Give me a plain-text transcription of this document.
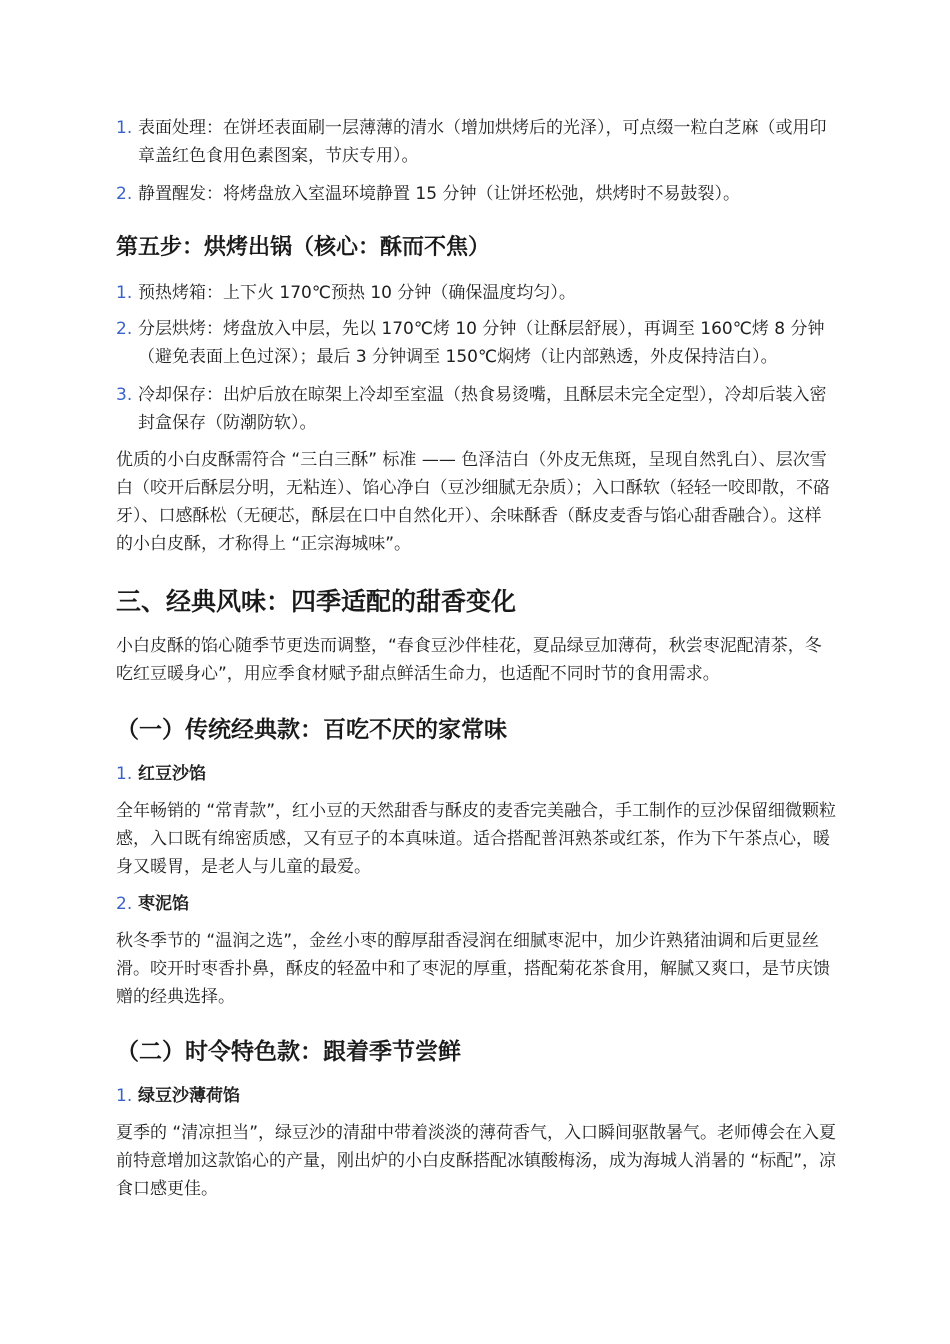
1. 表面处理：在饼坯表面刷一层薄薄的清水（增加烘烤后的光泽），可点缀一粒白芝麻（或用印章盖红色食用色素图案，节庆专用）。
2. 静置醒发：将烤盘放入室温环境静置 15 分钟（让饼坯松弛，烘烤时不易鼓裂）。
第五步：烘烤出锅（核心：酥而不焦）
1. 预热烤箱：上下火 170℃预热 10 分钟（确保温度均匀）。
2. 分层烘烤：烤盘放入中层，先以 170℃烤 10 分钟（让酥层舒展），再调至 160℃烤 8 分钟（避免表面上色过深）；最后 3 分钟调至 150℃焖烤（让内部熟透，外皮保持洁白）。
3. 冷却保存：出炉后放在晾架上冷却至室温（热食易烫嘴，且酥层未完全定型），冷却后装入密封盒保存（防潮防软）。
优质的小白皮酥需符合 “三白三酥” 标准 —— 色泽洁白（外皮无焦斑，呈现自然乳白）、层次雪白（咬开后酥层分明，无粘连）、馅心净白（豆沙细腻无杂质）；入口酥软（轻轻一咬即散，不硌牙）、口感酥松（无硬芯，酥层在口中自然化开）、余味酥香（酥皮麦香与馅心甜香融合）。这样的小白皮酥，才称得上 “正宗海城味”。
三、经典风味：四季适配的甜香变化
小白皮酥的馅心随季节更迭而调整，“春食豆沙伴桂花，夏品绿豆加薄荷，秋尝枣泥配清茶，冬吃红豆暖身心”，用应季食材赋予甜点鲜活生命力，也适配不同时节的食用需求。
（一）传统经典款：百吃不厌的家常味
1. 红豆沙馅
全年畅销的 “常青款”，红小豆的天然甜香与酥皮的麦香完美融合，手工制作的豆沙保留细微颗粒感，入口既有绵密质感，又有豆子的本真味道。适合搭配普洱熟茶或红茶，作为下午茶点心，暖身又暖胃，是老人与儿童的最爱。
2. 枣泥馅
秋冬季节的 “温润之选”，金丝小枣的醇厚甜香浸润在细腻枣泥中，加少许熟猪油调和后更显丝滑。咬开时枣香扑鼻，酥皮的轻盈中和了枣泥的厚重，搭配菊花茶食用，解腻又爽口，是节庆馈赠的经典选择。
（二）时令特色款：跟着季节尝鲜
1. 绿豆沙薄荷馅
夏季的 “清凉担当”，绿豆沙的清甜中带着淡淡的薄荷香气，入口瞬间驱散暑气。老师傅会在入夏前特意增加这款馅心的产量，刚出炉的小白皮酥搭配冰镇酸梅汤，成为海城人消暑的 “标配”，凉食口感更佳。
